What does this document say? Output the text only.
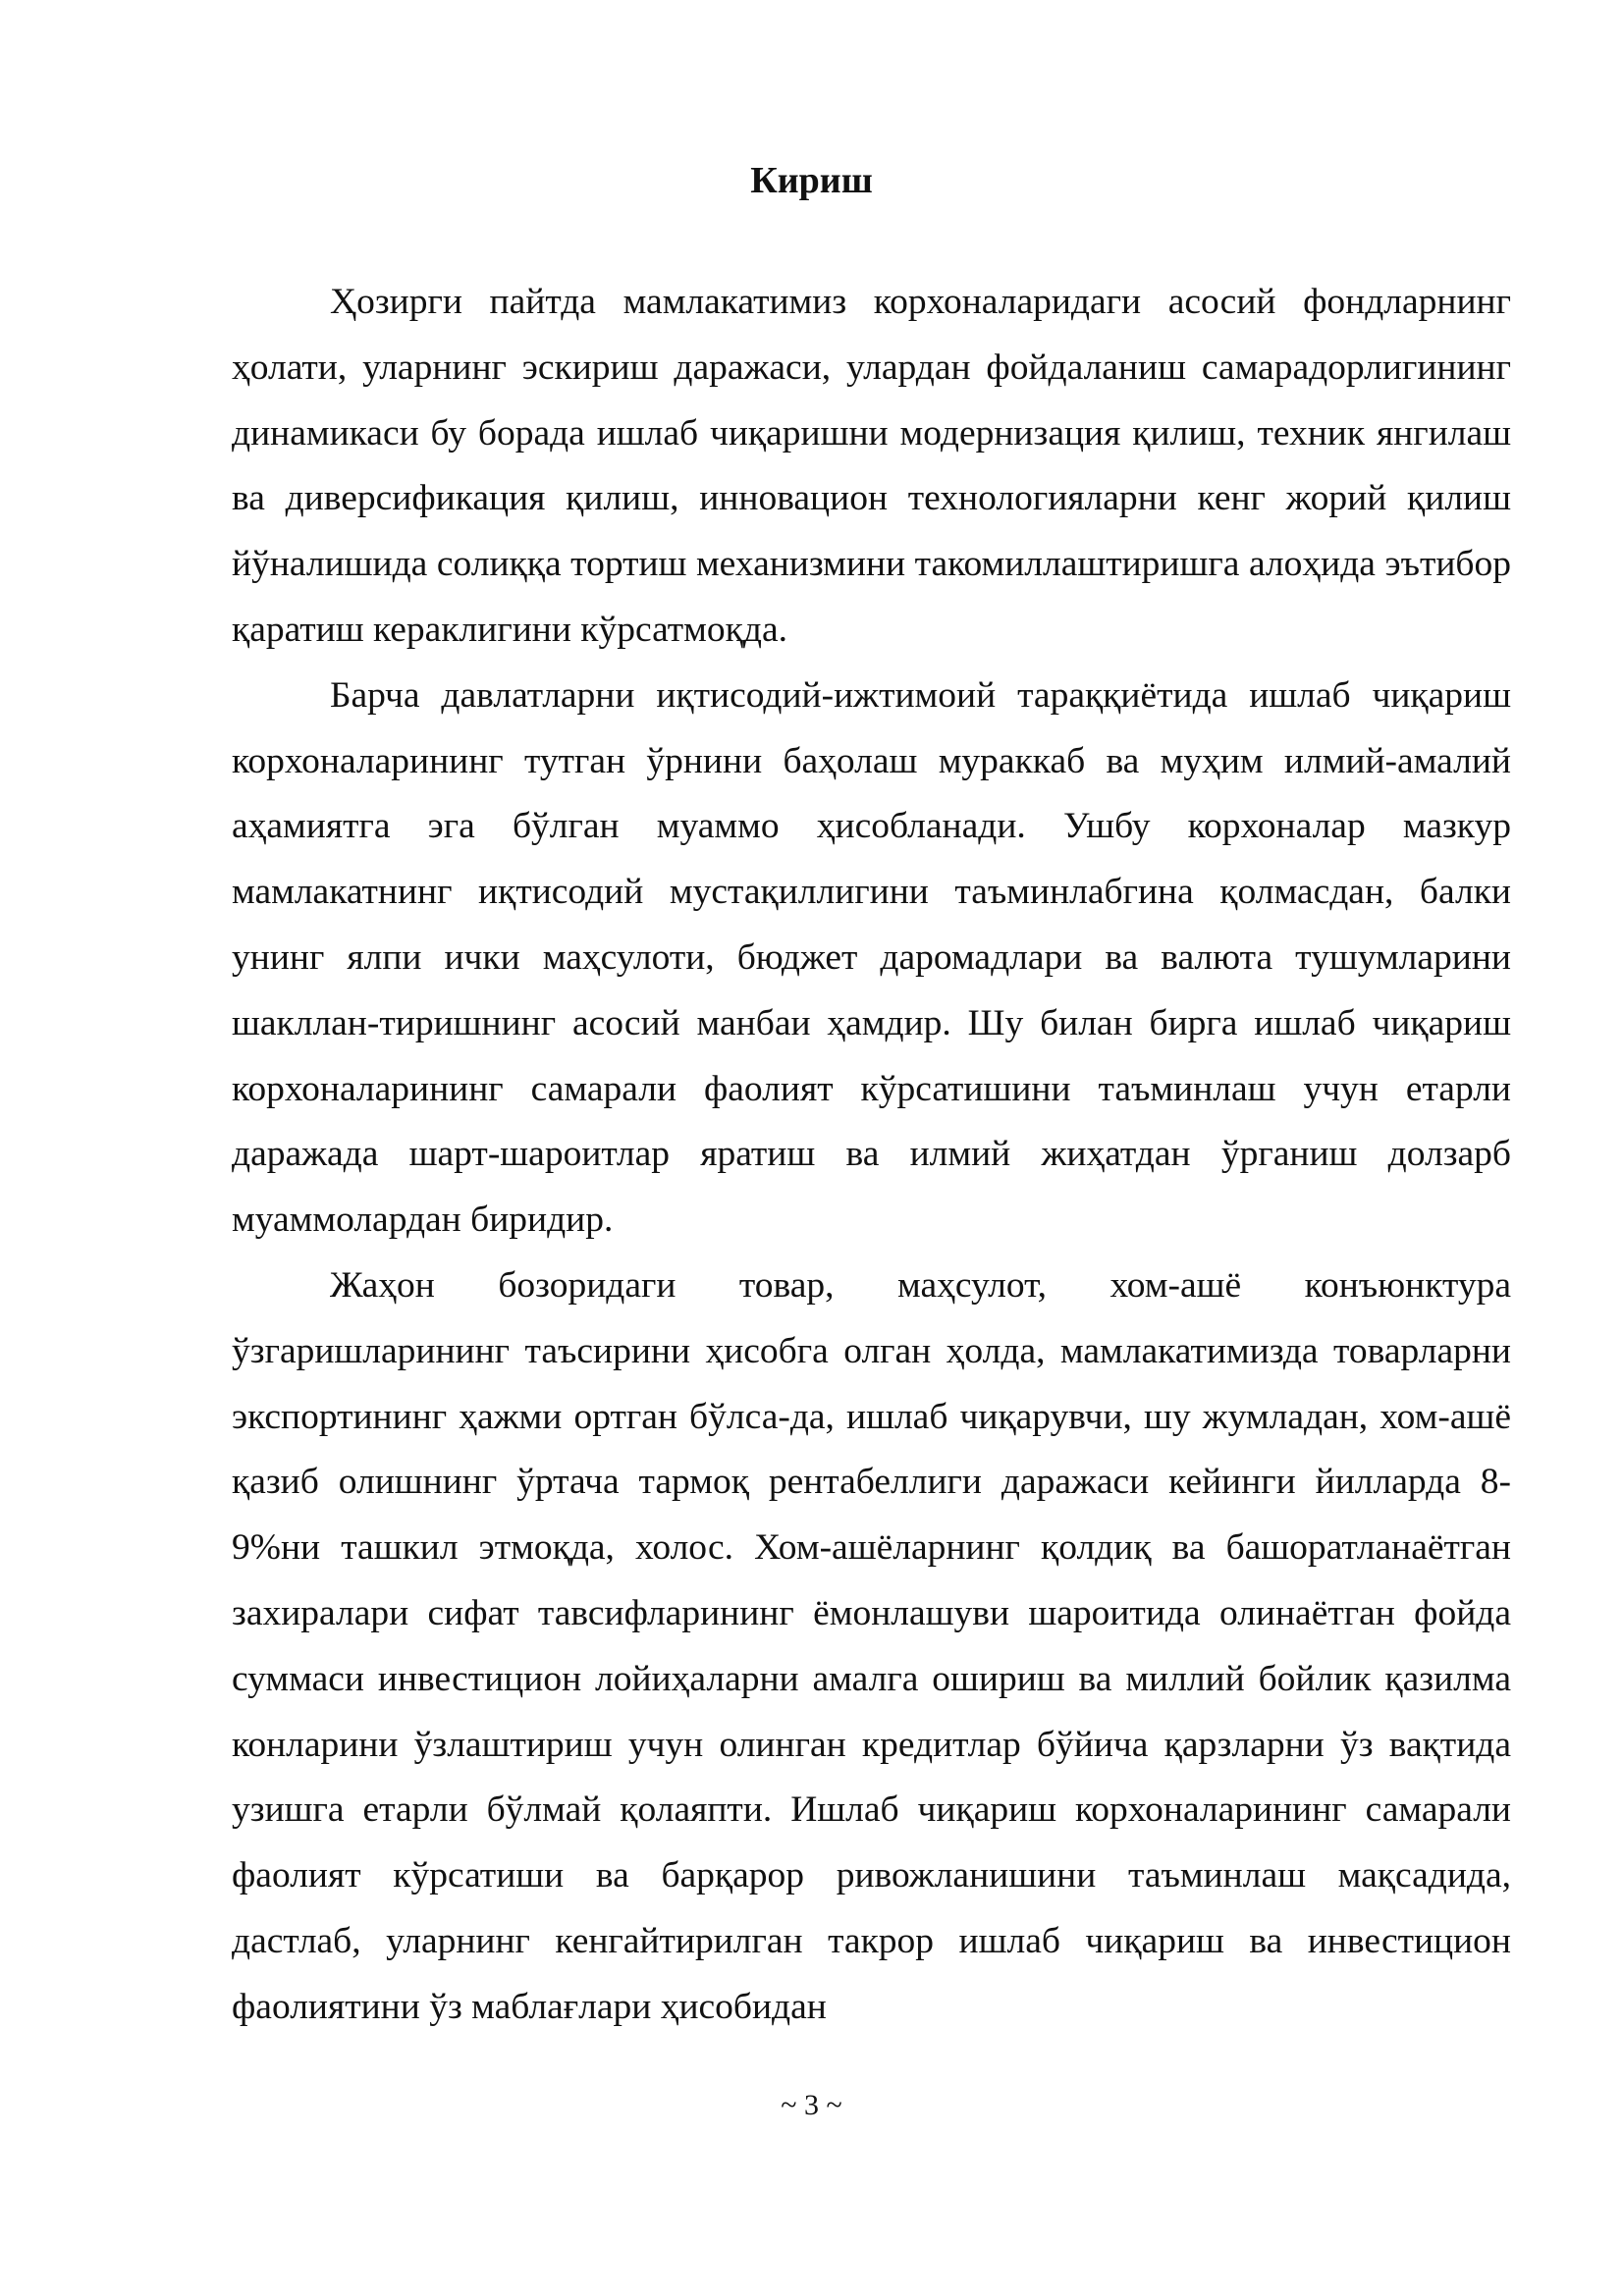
Кириш

Ҳозирги пайтда мамлакатимиз корхоналаридаги асосий фондларнинг ҳолати, уларнинг эскириш даражаси, улардан фойдаланиш самарадорлигининг динамикаси бу борада ишлаб чиқаришни модернизация қилиш, техник янгилаш ва диверсификация қилиш, инновацион технологияларни кенг жорий қилиш йўналишида солиққа тортиш механизмини такомиллаштиришга алоҳида эътибор қаратиш кераклигини кўрсатмоқда.

Барча давлатларни иқтисодий-ижтимоий тараққиётида ишлаб чиқариш корхоналарининг тутган ўрнини баҳолаш мураккаб ва муҳим илмий-амалий аҳамиятга эга бўлган муаммо ҳисобланади. Ушбу корхоналар мазкур мамлакатнинг иқтисодий мустақиллигини таъминлабгина қолмасдан, балки унинг ялпи ички маҳсулоти, бюджет даромадлари ва валюта тушумларини шакллан-тиришнинг асосий манбаи ҳамдир. Шу билан бирга ишлаб чиқариш корхоналарининг самарали фаолият кўрсатишини таъминлаш учун етарли даражада шарт-шароитлар яратиш ва илмий жиҳатдан ўрганиш долзарб муаммолардан биридир.

Жаҳон бозоридаги товар, маҳсулот, хом-ашё конъюнктура ўзгаришларининг таъсирини ҳисобга олган ҳолда, мамлакатимизда товарларни экспортининг ҳажми ортган бўлса-да, ишлаб чиқарувчи, шу жумладан, хом-ашё қазиб олишнинг ўртача тармоқ рентабеллиги даражаси кейинги йилларда 8-9%ни ташкил этмоқда, холос. Хом-ашёларнинг қолдиқ ва башоратланаётган захиралари сифат тавсифларининг ёмонлашуви шароитида олинаётган фойда суммаси инвестицион лойиҳаларни амалга ошириш ва миллий бойлик қазилма конларини ўзлаштириш учун олинган кредитлар бўйича қарзларни ўз вақтида узишга етарли бўлмай қолаяпти. Ишлаб чиқариш корхоналарининг самарали фаолият кўрсатиши ва барқарор ривожланишини таъминлаш мақсадида, дастлаб, уларнинг кенгайтирилган такрор ишлаб чиқариш ва инвестицион фаолиятини ўз маблағлари ҳисобидан

~ 3 ~
